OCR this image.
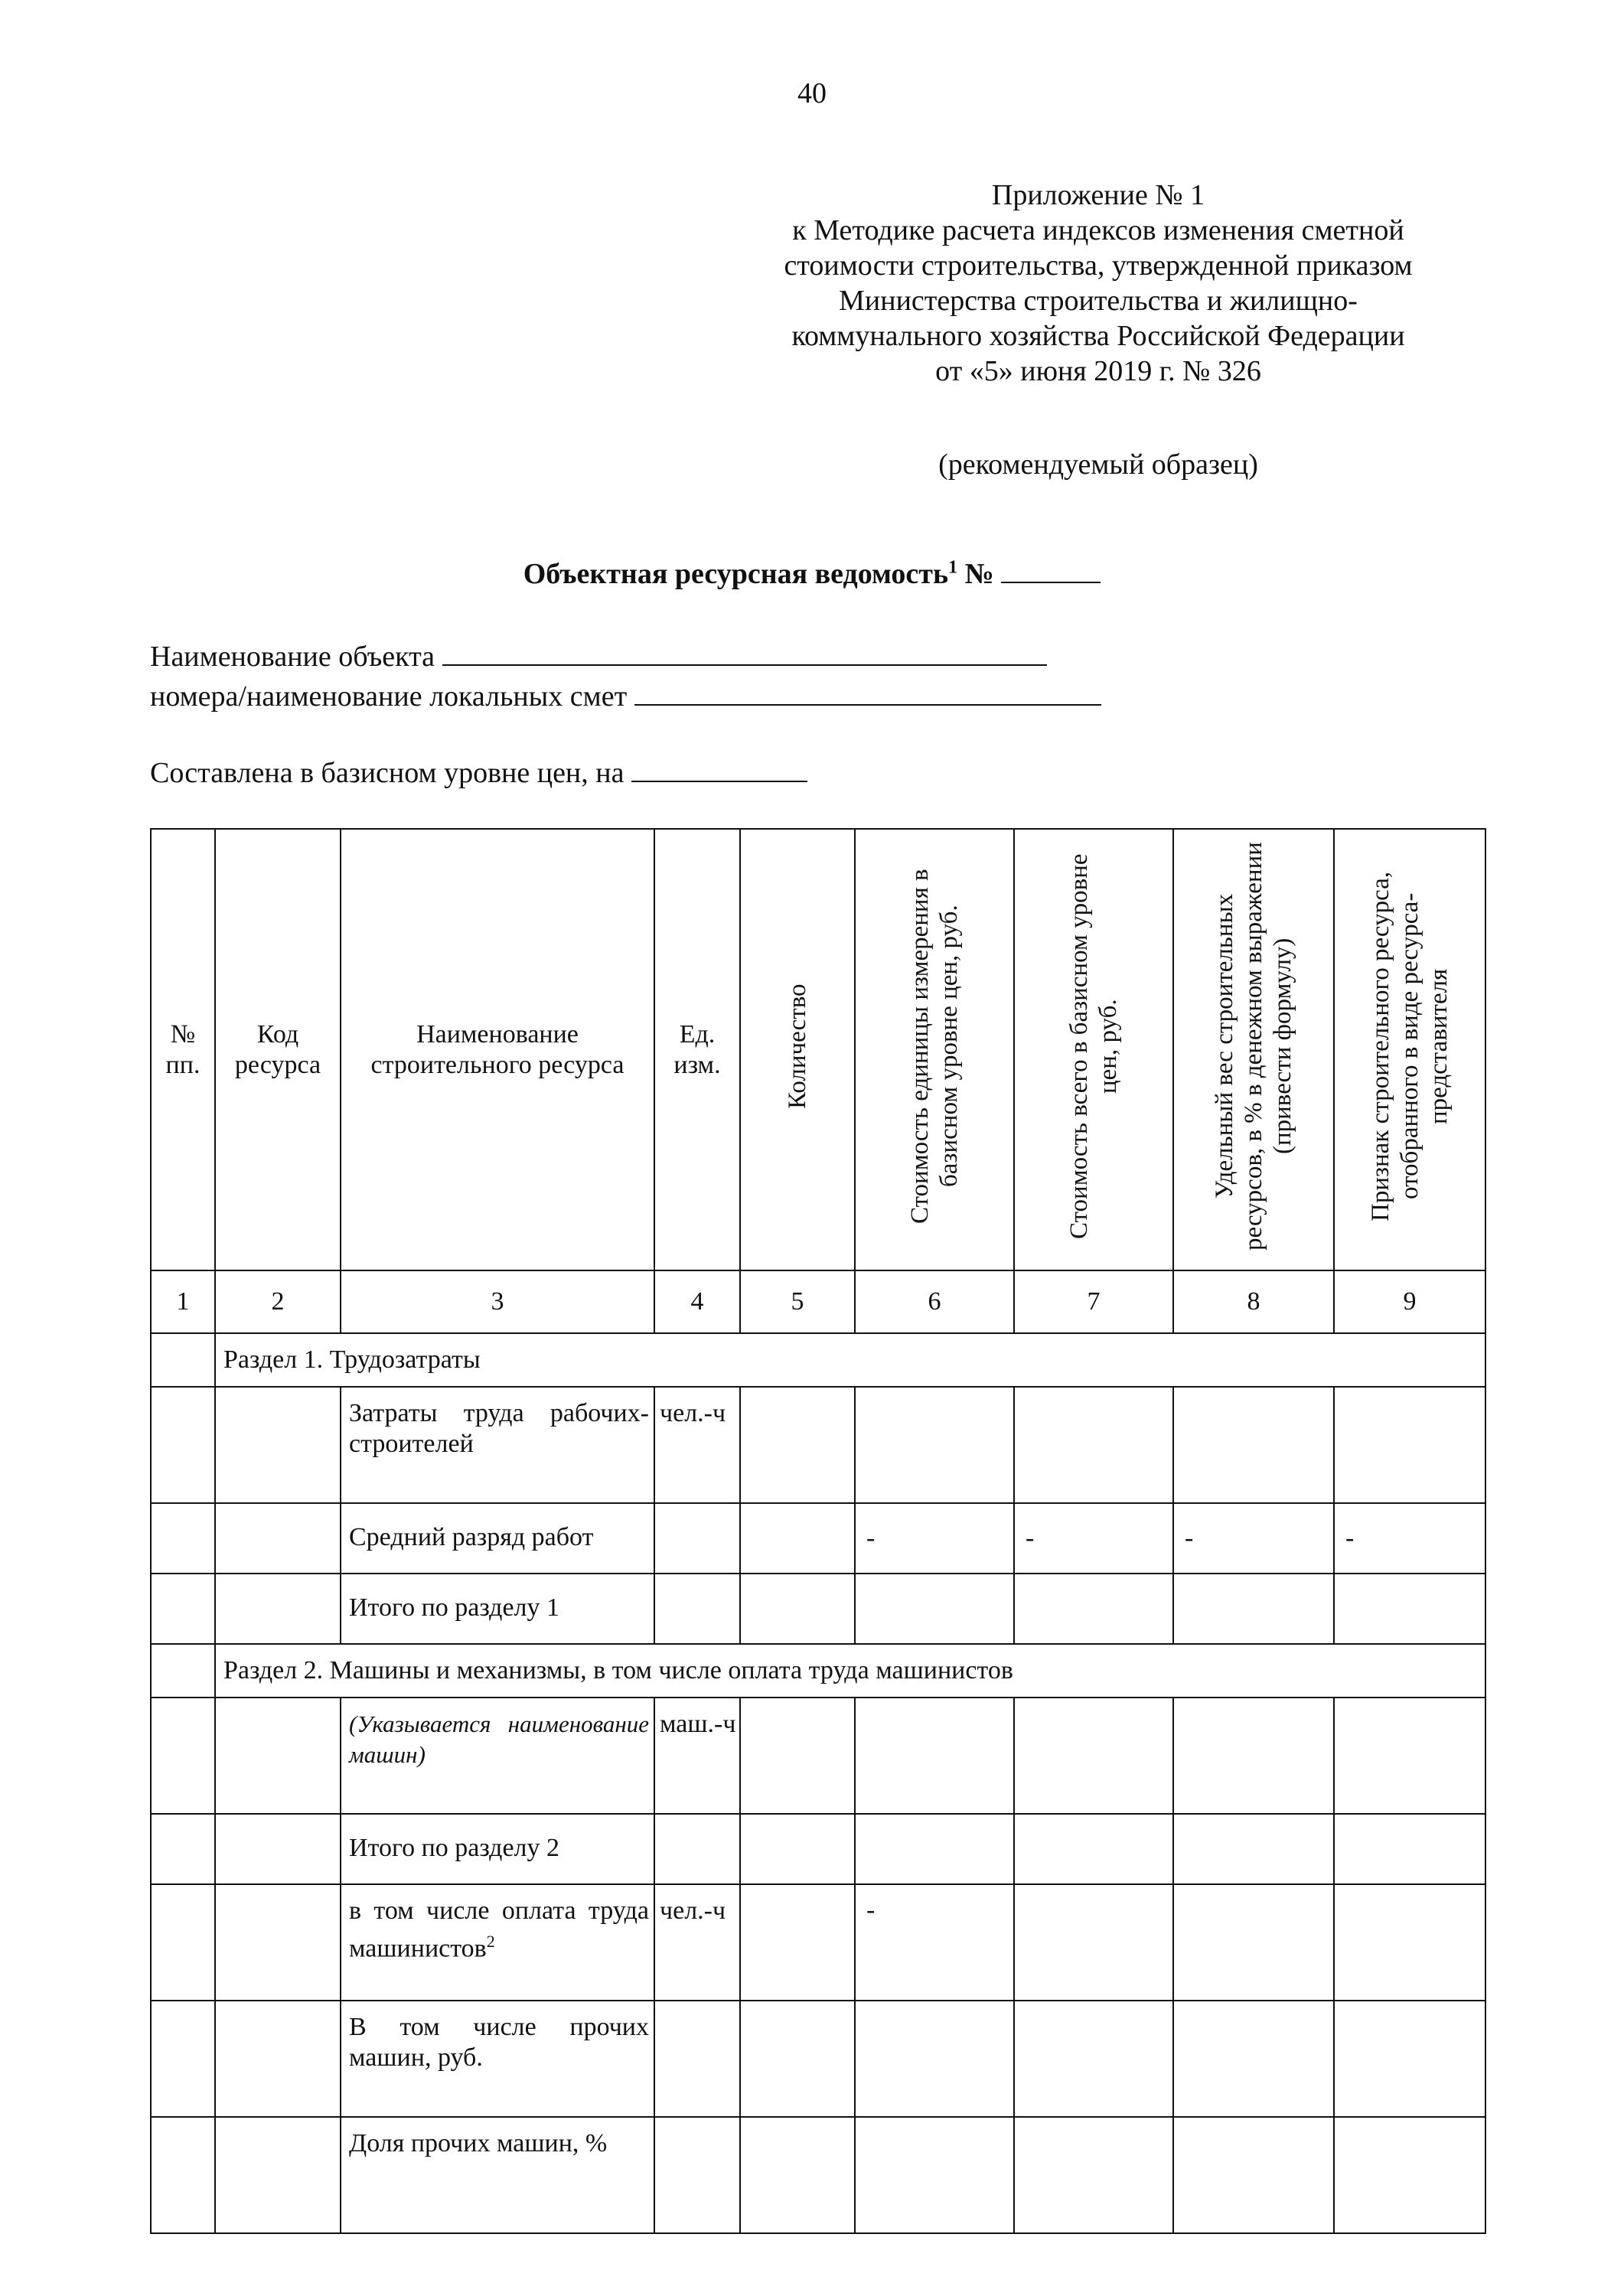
40
Приложение № 1
к Методике расчета индексов изменения сметной
стоимости строительства, утвержденной приказом
Министерства строительства и жилищно-
коммунального хозяйства Российской Федерации
от «5» июня 2019 г. № 326
(рекомендуемый образец)
Объектная ресурсная ведомость$^1$ №
Наименование объекта
номера/наименование локальных смет
Составлена в базисном уровне цен, на
№ пп.	Код ресурса	Наименование строительного ресурса	Ед. изм.	Количество	Стоимость единицы измерения в базисном уровне цен, руб.	Стоимость всего в базисном уровне цен, руб.	Удельный вес строительных ресурсов, в % в денежном выражении (привести формулу)	Признак строительного ресурса, отобранного в виде ресурса-представителя
1	2	3	4	5	6	7	8	9
	Раздел 1. Трудозатраты							
		Затраты труда рабочих-строителей	чел.-ч					
		Средний разряд работ			-	-	-	-
		Итого по разделу 1						
	Раздел 2. Машины и механизмы, в том числе оплата труда машинистов							
		(Указывается наименование машин)	маш.-ч					
		Итого по разделу 2						
		в том числе оплата труда машинистов$^2$	чел.-ч		-			
		В том числе прочих машин, руб.						
		Доля прочих машин, %						
